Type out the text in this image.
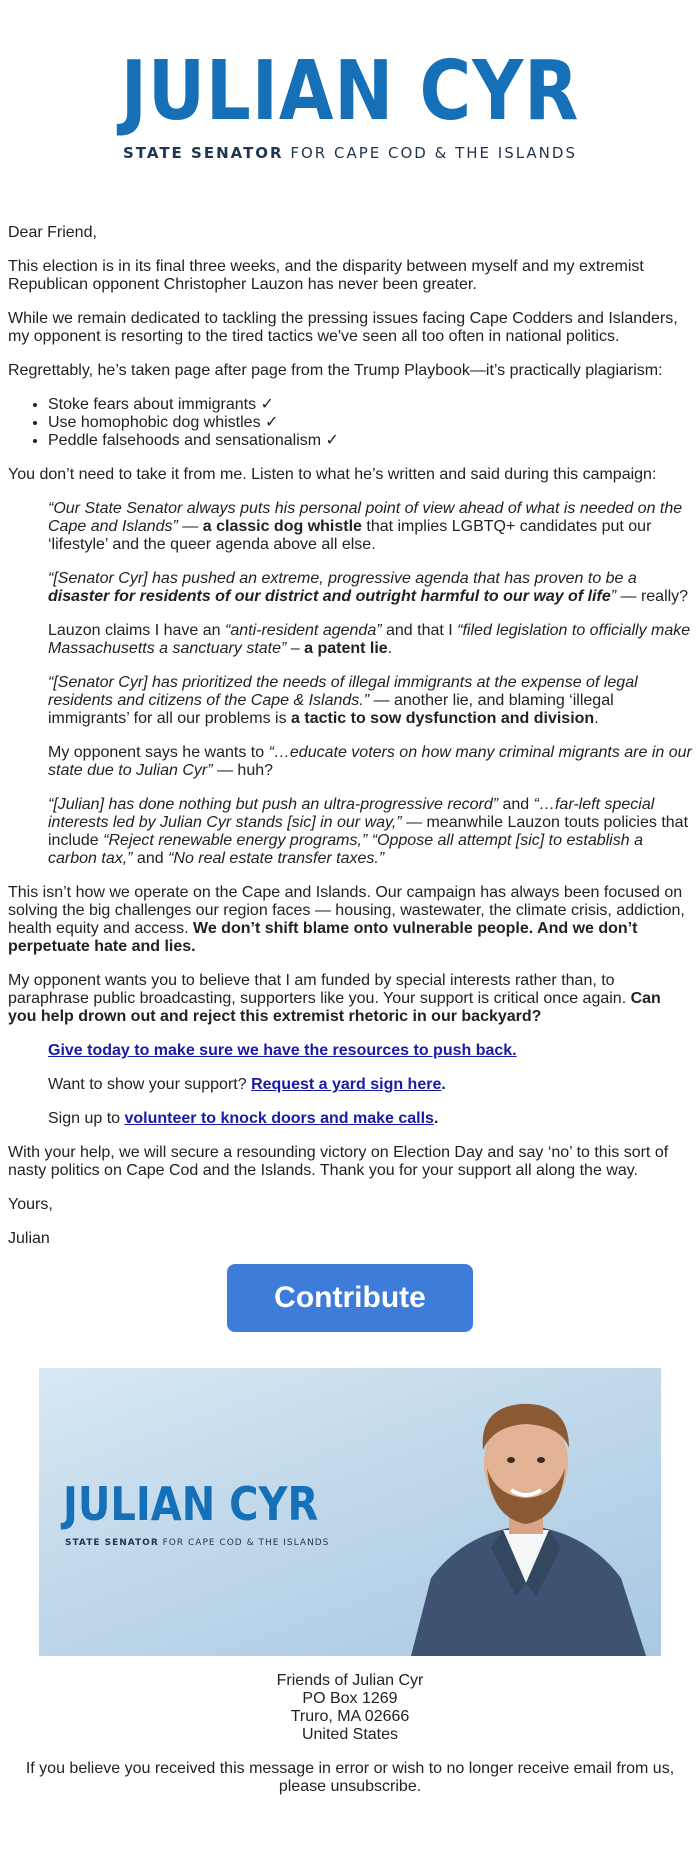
JULIAN CYR
STATE SENATOR FOR CAPE COD & THE ISLANDS

Dear Friend,

This election is in its final three weeks, and the disparity between myself and my extremist Republican opponent Christopher Lauzon has never been greater.

While we remain dedicated to tackling the pressing issues facing Cape Codders and Islanders, my opponent is resorting to the tired tactics we've seen all too often in national politics.

Regrettably, he’s taken page after page from the Trump Playbook—it’s practically plagiarism:

• Stoke fears about immigrants ✓
• Use homophobic dog whistles ✓
• Peddle falsehoods and sensationalism ✓

You don’t need to take it from me. Listen to what he’s written and said during this campaign:

“Our State Senator always puts his personal point of view ahead of what is needed on the Cape and Islands” — a classic dog whistle that implies LGBTQ+ candidates put our ‘lifestyle’ and the queer agenda above all else.

“[Senator Cyr] has pushed an extreme, progressive agenda that has proven to be a disaster for residents of our district and outright harmful to our way of life” — really?

Lauzon claims I have an “anti-resident agenda” and that I “filed legislation to officially make Massachusetts a sanctuary state” – a patent lie.

“[Senator Cyr] has prioritized the needs of illegal immigrants at the expense of legal residents and citizens of the Cape & Islands.” — another lie, and blaming ‘illegal immigrants’ for all our problems is a tactic to sow dysfunction and division.

My opponent says he wants to “…educate voters on how many criminal migrants are in our state due to Julian Cyr” — huh?

“[Julian] has done nothing but push an ultra-progressive record” and “…far-left special interests led by Julian Cyr stands [sic] in our way,” — meanwhile Lauzon touts policies that include “Reject renewable energy programs,” “Oppose all attempt [sic] to establish a carbon tax,” and “No real estate transfer taxes.”

This isn’t how we operate on the Cape and Islands. Our campaign has always been focused on solving the big challenges our region faces — housing, wastewater, the climate crisis, addiction, health equity and access. We don’t shift blame onto vulnerable people. And we don’t perpetuate hate and lies.

My opponent wants you to believe that I am funded by special interests rather than, to paraphrase public broadcasting, supporters like you. Your support is critical once again. Can you help drown out and reject this extremist rhetoric in our backyard?

Give today to make sure we have the resources to push back.

Want to show your support? Request a yard sign here.

Sign up to volunteer to knock doors and make calls.

With your help, we will secure a resounding victory on Election Day and say ‘no’ to this sort of nasty politics on Cape Cod and the Islands. Thank you for your support all along the way.

Yours,

Julian

Contribute
JULIAN CYR
STATE SENATOR FOR CAPE COD & THE ISLANDS
Friends of Julian Cyr
PO Box 1269
Truro, MA 02666
United States
If you believe you received this message in error or wish to no longer receive email from us, please unsubscribe.
